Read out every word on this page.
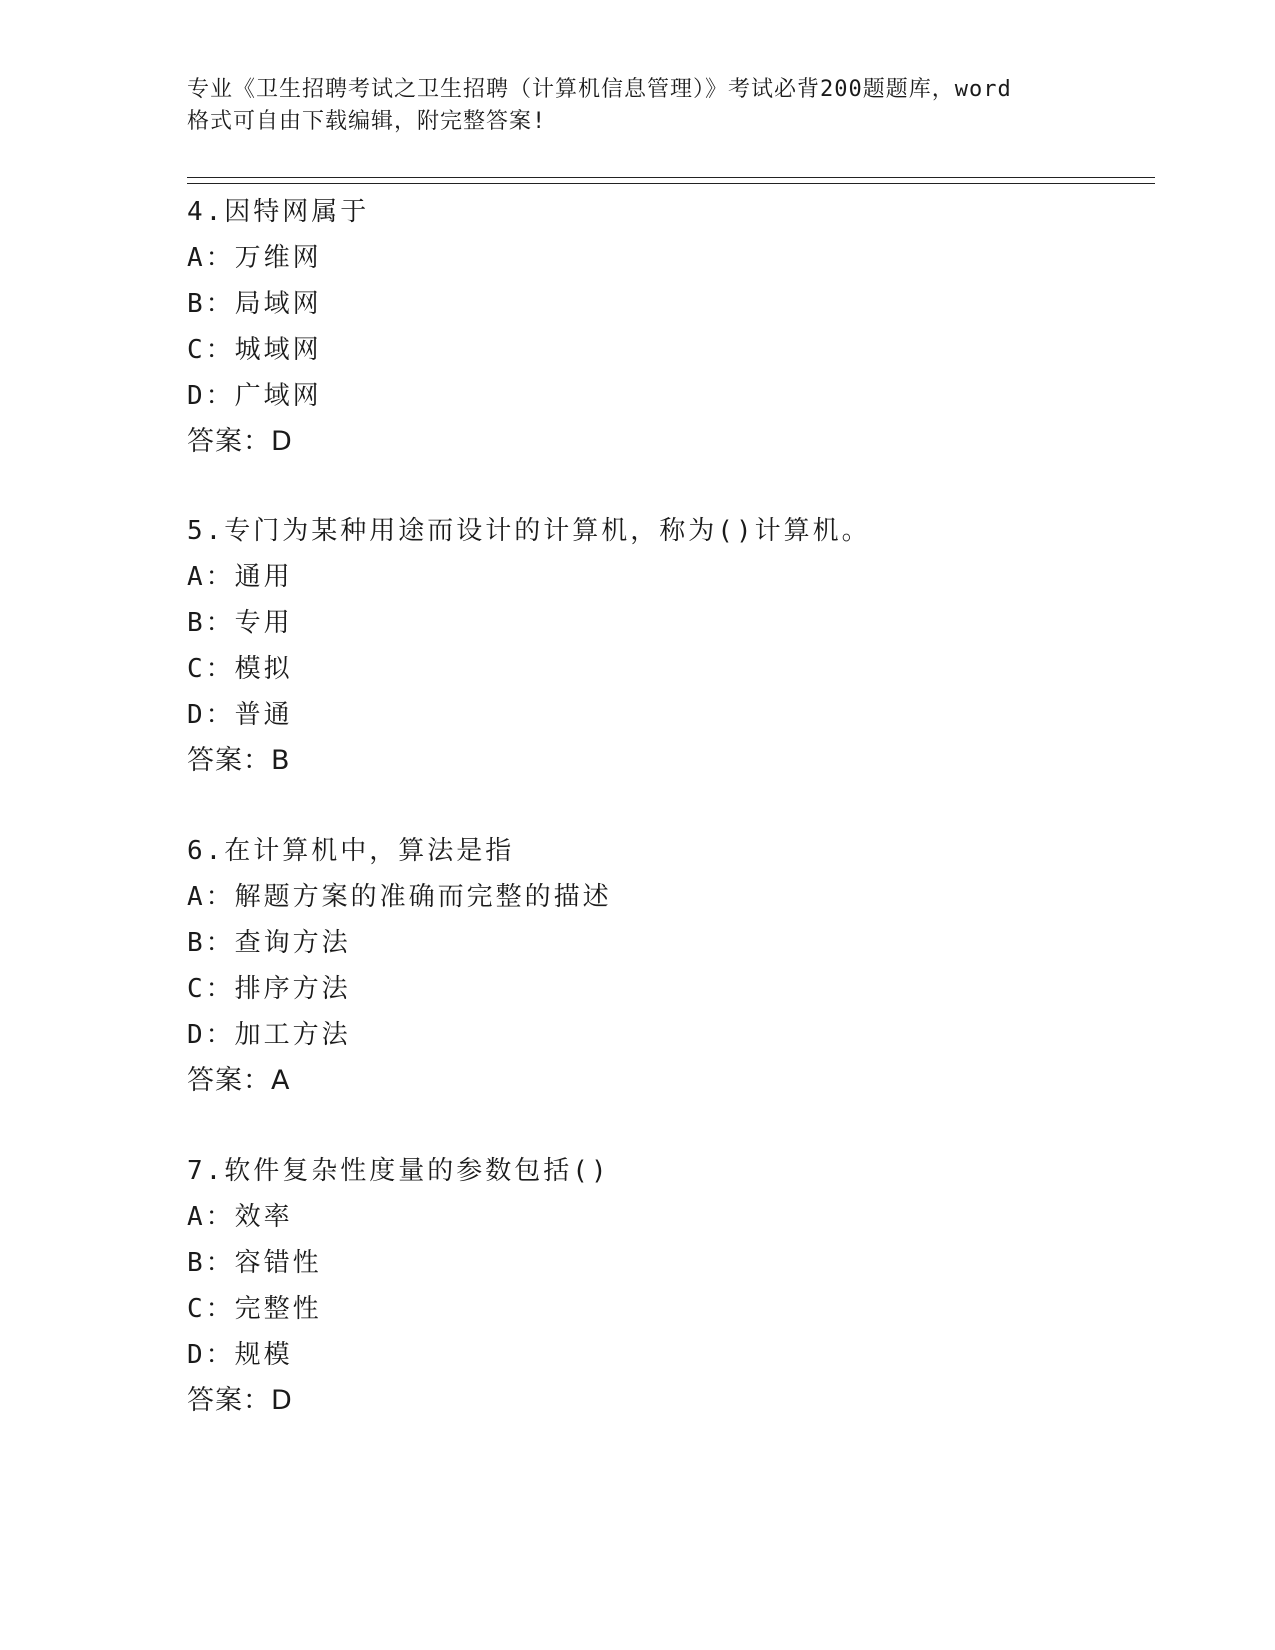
专业《卫生招聘考试之卫生招聘（计算机信息管理）》考试必背200题题库，word
格式可自由下载编辑，附完整答案!
4.因特网属于
A：万维网
B：局域网
C：城域网
D：广域网
答案：D
5.专门为某种用途而设计的计算机，称为()计算机。
A：通用
B：专用
C：模拟
D：普通
答案：B
6.在计算机中，算法是指
A：解题方案的准确而完整的描述
B：查询方法
C：排序方法
D：加工方法
答案：A
7.软件复杂性度量的参数包括()
A：效率
B：容错性
C：完整性
D：规模
答案：D
